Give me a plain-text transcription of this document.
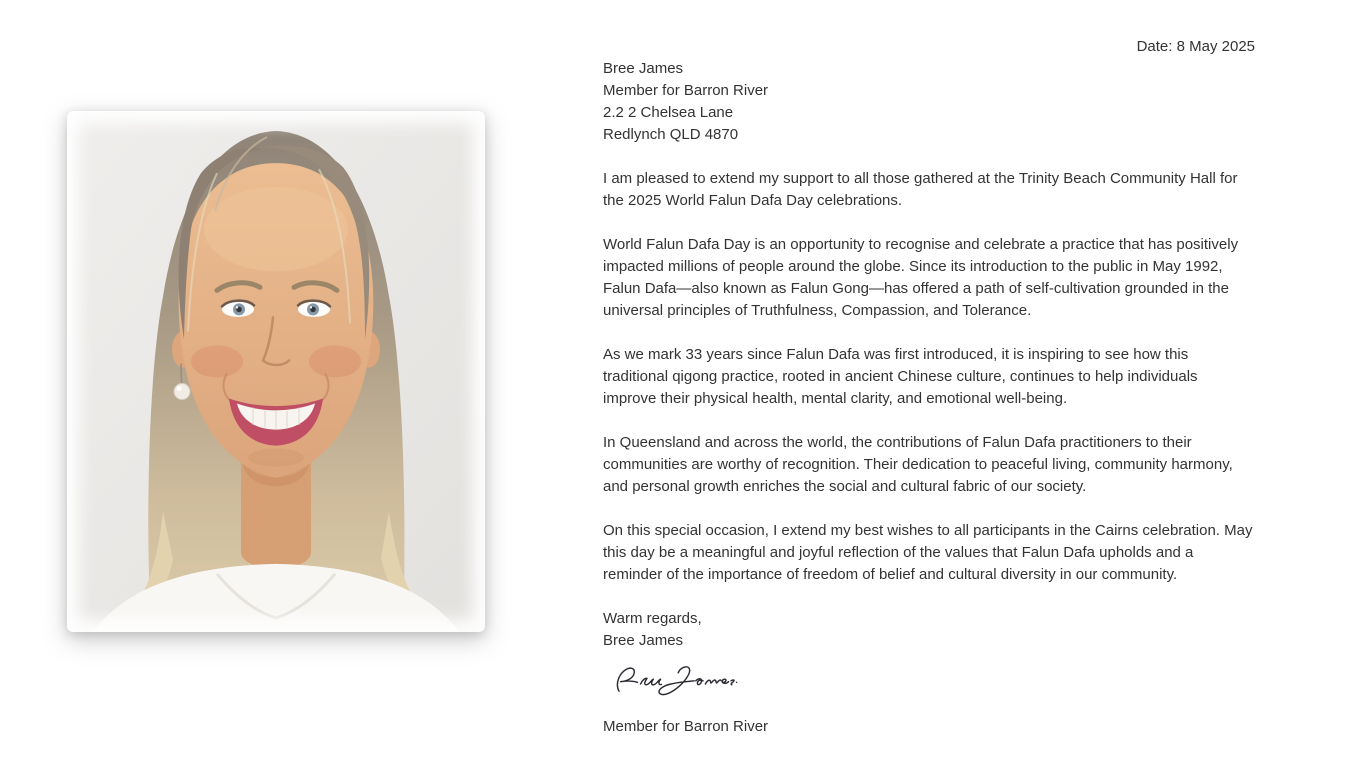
Date: 8 May 2025
Bree James
Member for Barron River
2.2 2 Chelsea Lane
Redlynch QLD 4870

I am pleased to extend my support to all those gathered at the Trinity Beach Community Hall for the 2025 World Falun Dafa Day celebrations.

World Falun Dafa Day is an opportunity to recognise and celebrate a practice that has positively impacted millions of people around the globe. Since its introduction to the public in May 1992, Falun Dafa—also known as Falun Gong—has offered a path of self-cultivation grounded in the universal principles of Truthfulness, Compassion, and Tolerance.

As we mark 33 years since Falun Dafa was first introduced, it is inspiring to see how this traditional qigong practice, rooted in ancient Chinese culture, continues to help individuals improve their physical health, mental clarity, and emotional well-being.

In Queensland and across the world, the contributions of Falun Dafa practitioners to their communities are worthy of recognition. Their dedication to peaceful living, community harmony, and personal growth enriches the social and cultural fabric of our society.

On this special occasion, I extend my best wishes to all participants in the Cairns celebration. May this day be a meaningful and joyful reflection of the values that Falun Dafa upholds and a reminder of the importance of freedom of belief and cultural diversity in our community.

Warm regards,
Bree James
Member for Barron River
